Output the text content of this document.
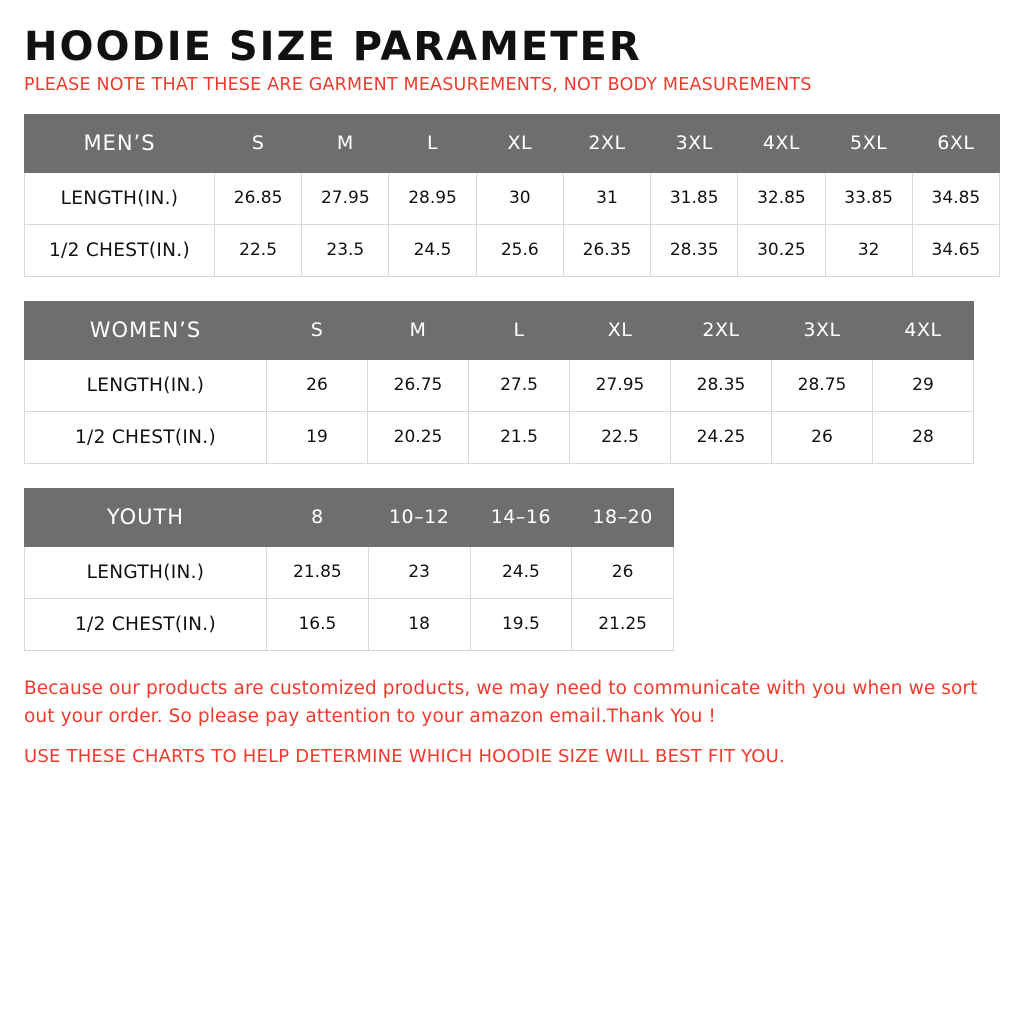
HOODIE SIZE PARAMETER

PLEASE NOTE THAT THESE ARE GARMENT MEASUREMENTS, NOT BODY MEASUREMENTS

MEN’S	S	M	L	XL	2XL	3XL	4XL	5XL	6XL
LENGTH(IN.)	26.85	27.95	28.95	30	31	31.85	32.85	33.85	34.85
1/2 CHEST(IN.)	22.5	23.5	24.5	25.6	26.35	28.35	30.25	32	34.65
WOMEN’S	S	M	L	XL	2XL	3XL	4XL
LENGTH(IN.)	26	26.75	27.5	27.95	28.35	28.75	29
1/2 CHEST(IN.)	19	20.25	21.5	22.5	24.25	26	28
YOUTH	8	10–12	14–16	18–20
LENGTH(IN.)	21.85	23	24.5	26
1/2 CHEST(IN.)	16.5	18	19.5	21.25

Because our products are customized products, we may need to communicate with you when we sort out your order. So please pay attention to your amazon email.Thank You !

USE THESE CHARTS TO HELP DETERMINE WHICH HOODIE SIZE WILL BEST FIT YOU.
